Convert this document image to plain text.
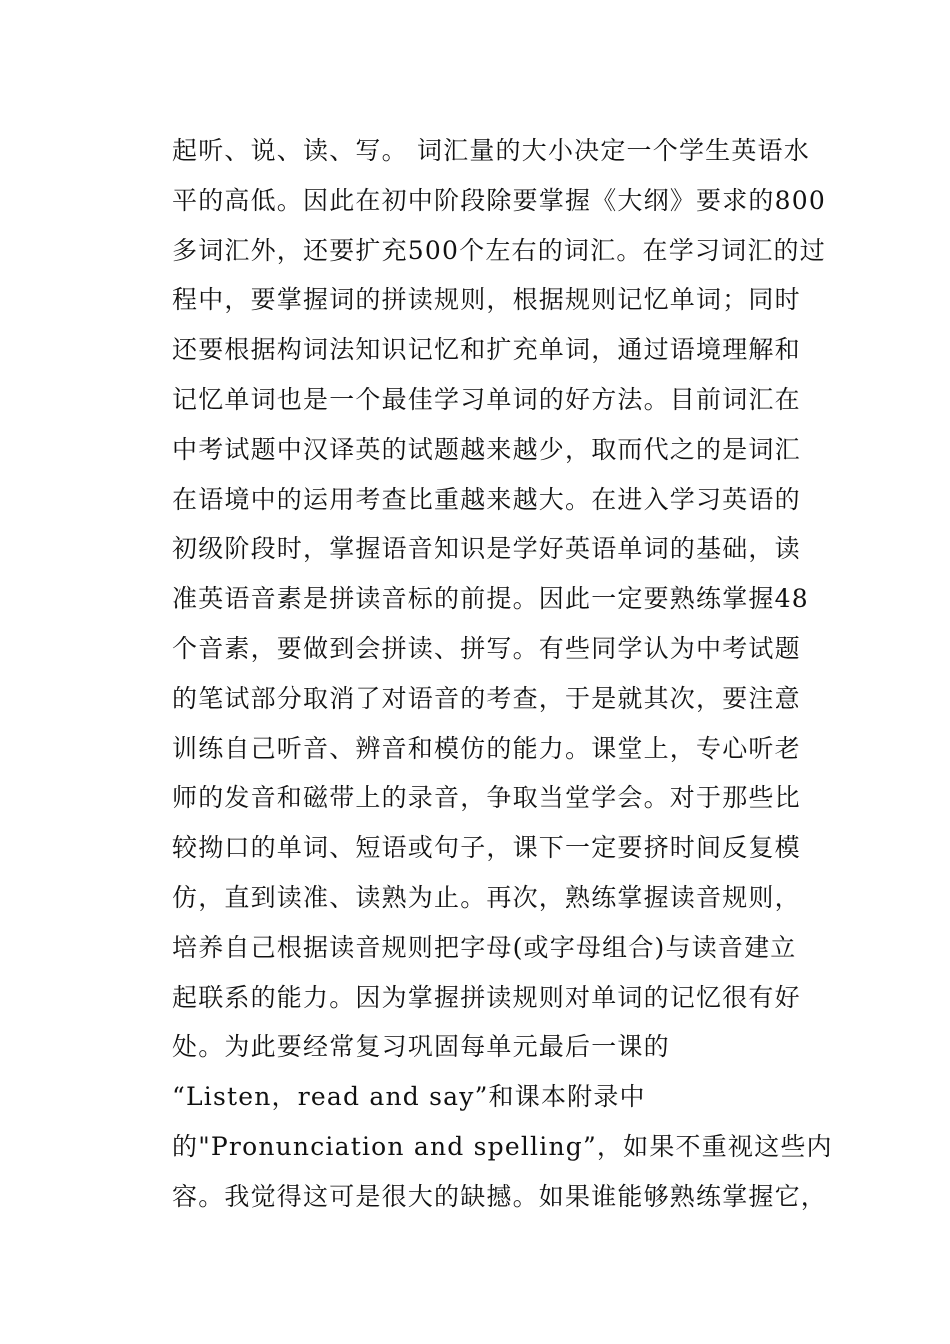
起听、说、读、写。 词汇量的大小决定一个学生英语水
平的高低。因此在初中阶段除要掌握《大纲》要求的800
多词汇外，还要扩充500个左右的词汇。在学习词汇的过
程中，要掌握词的拼读规则，根据规则记忆单词；同时
还要根据构词法知识记忆和扩充单词，通过语境理解和
记忆单词也是一个最佳学习单词的好方法。目前词汇在
中考试题中汉译英的试题越来越少，取而代之的是词汇
在语境中的运用考查比重越来越大。在进入学习英语的
初级阶段时，掌握语音知识是学好英语单词的基础，读
准英语音素是拼读音标的前提。因此一定要熟练掌握48
个音素，要做到会拼读、拼写。有些同学认为中考试题
的笔试部分取消了对语音的考查，于是就其次，要注意
训练自己听音、辨音和模仿的能力。课堂上，专心听老
师的发音和磁带上的录音，争取当堂学会。对于那些比
较拗口的单词、短语或句子，课下一定要挤时间反复模
仿，直到读准、读熟为止。再次，熟练掌握读音规则，
培养自己根据读音规则把字母(或字母组合)与读音建立
起联系的能力。因为掌握拼读规则对单词的记忆很有好
处。为此要经常复习巩固每单元最后一课的
“Listen，read and say”和课本附录中
的"Pronunciation and spelling”，如果不重视这些内
容。我觉得这可是很大的缺撼。如果谁能够熟练掌握它，
